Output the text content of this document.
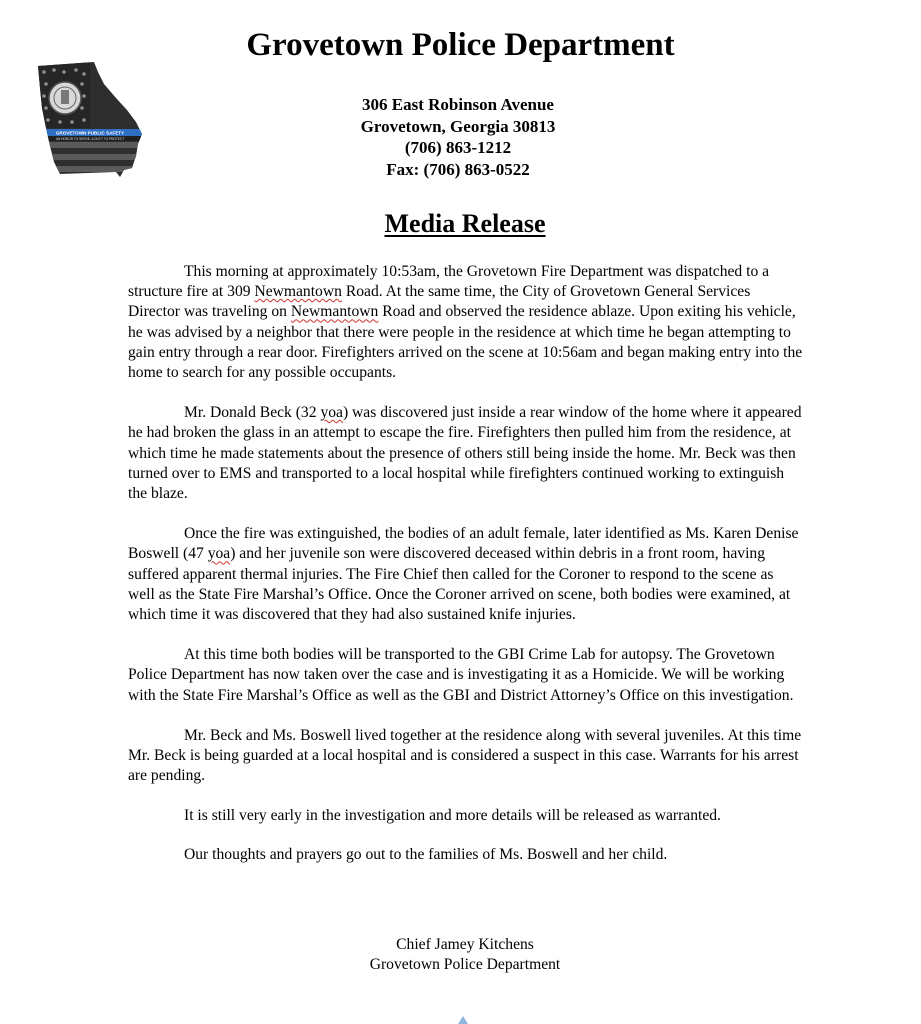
Grovetown Police Department
GROVETOWN PUBLIC SAFETY
AN HONOR TO SERVE, A DUTY TO PROTECT
306 East Robinson Avenue
Grovetown, Georgia 30813
(706) 863-1212
Fax: (706) 863-0522
Media Release

This morning at approximately 10:53am, the Grovetown Fire Department was dispatched to a structure fire at 309 Newmantown Road. At the same time, the City of Grovetown General Services Director was traveling on Newmantown Road and observed the residence ablaze. Upon exiting his vehicle, he was advised by a neighbor that there were people in the residence at which time he began attempting to gain entry through a rear door. Firefighters arrived on the scene at 10:56am and began making entry into the home to search for any possible occupants.

Mr. Donald Beck (32 yoa) was discovered just inside a rear window of the home where it appeared he had broken the glass in an attempt to escape the fire. Firefighters then pulled him from the residence, at which time he made statements about the presence of others still being inside the home. Mr. Beck was then turned over to EMS and transported to a local hospital while firefighters continued working to extinguish the blaze.

Once the fire was extinguished, the bodies of an adult female, later identified as Ms. Karen Denise Boswell (47 yoa) and her juvenile son were discovered deceased within debris in a front room, having suffered apparent thermal injuries. The Fire Chief then called for the Coroner to respond to the scene as well as the State Fire Marshal’s Office. Once the Coroner arrived on scene, both bodies were examined, at which time it was discovered that they had also sustained knife injuries.

At this time both bodies will be transported to the GBI Crime Lab for autopsy. The Grovetown Police Department has now taken over the case and is investigating it as a Homicide. We will be working with the State Fire Marshal’s Office as well as the GBI and District Attorney’s Office on this investigation.

Mr. Beck and Ms. Boswell lived together at the residence along with several juveniles. At this time Mr. Beck is being guarded at a local hospital and is considered a suspect in this case. Warrants for his arrest are pending.

It is still very early in the investigation and more details will be released as warranted.

Our thoughts and prayers go out to the families of Ms. Boswell and her child.

Chief Jamey Kitchens
Grovetown Police Department
